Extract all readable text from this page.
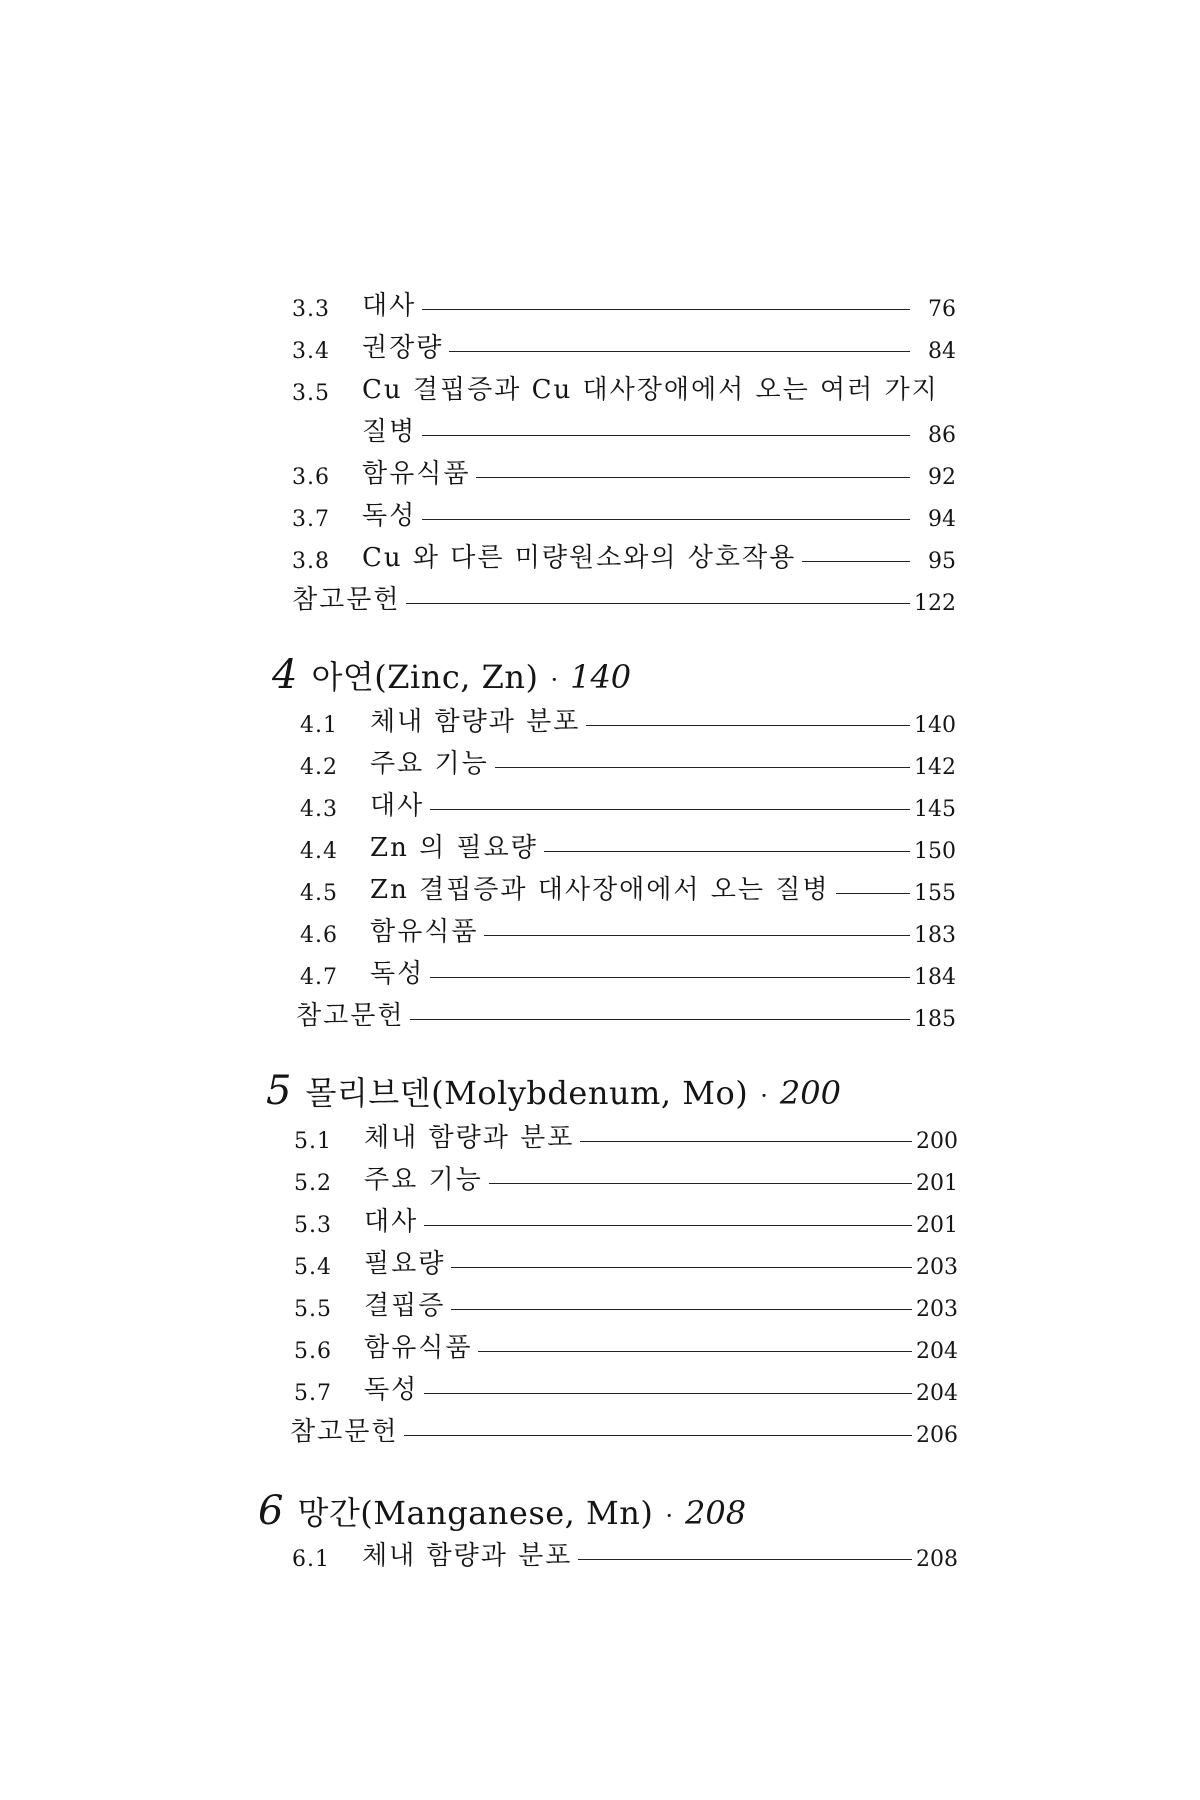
3.3	대사	76
3.4	권장량	84
3.5	Cu 결핍증과 Cu 대사장애에서 오는 여러 가지
질병	86
3.6	함유식품	92
3.7	독성	94
3.8	Cu 와 다른 미량원소와의 상호작용	95
참고문헌	122
4 아연(Zinc, Zn) · 140
4.1	체내 함량과 분포	140
4.2	주요 기능	142
4.3	대사	145
4.4	Zn 의 필요량	150
4.5	Zn 결핍증과 대사장애에서 오는 질병	155
4.6	함유식품	183
4.7	독성	184
참고문헌	185
5 몰리브덴(Molybdenum, Mo) · 200
5.1	체내 함량과 분포	200
5.2	주요 기능	201
5.3	대사	201
5.4	필요량	203
5.5	결핍증	203
5.6	함유식품	204
5.7	독성	204
참고문헌	206
6 망간(Manganese, Mn) · 208
6.1	체내 함량과 분포	208
